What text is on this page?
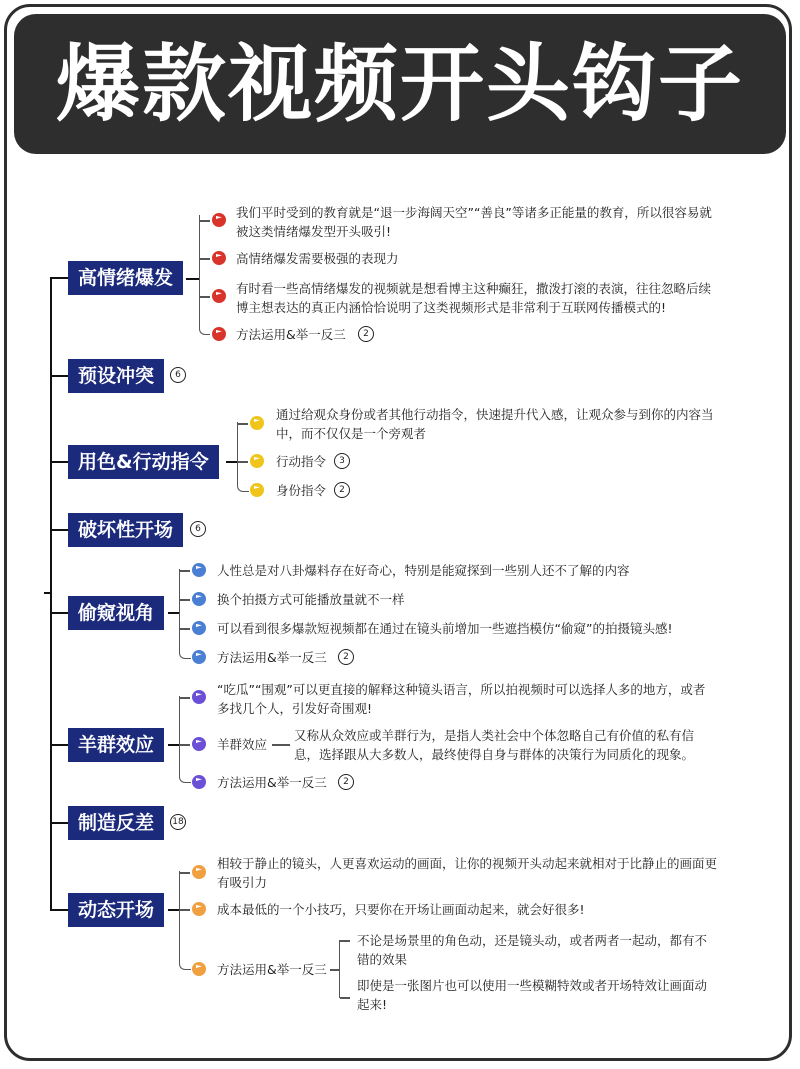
爆款视频开头钩子
高情绪爆发
我们平时受到的教育就是“退一步海阔天空”“善良”等诸多正能量的教育，所以很容易就被这类情绪爆发型开头吸引!
高情绪爆发需要极强的表现力
有时看一些高情绪爆发的视频就是想看博主这种癫狂，撒泼打滚的表演，往往忽略后续博主想表达的真正内涵恰恰说明了这类视频形式是非常利于互联网传播模式的!
方法运用&举一反三	2
预设冲突	6
用色&行动指令
通过给观众身份或者其他行动指令，快速提升代入感，让观众参与到你的内容当中，而不仅仅是一个旁观者
行动指令	3
身份指令	2
破坏性开场	6
偷窥视角
人性总是对八卦爆料存在好奇心，特别是能窥探到一些别人还不了解的内容
换个拍摄方式可能播放量就不一样
可以看到很多爆款短视频都在通过在镜头前增加一些遮挡模仿“偷窥”的拍摄镜头感!
方法运用&举一反三	2
羊群效应
“吃瓜”“围观”可以更直接的解释这种镜头语言，所以拍视频时可以选择人多的地方，或者多找几个人，引发好奇围观!
羊群效应
又称从众效应或羊群行为，是指人类社会中个体忽略自己有价值的私有信息，选择跟从大多数人，最终使得自身与群体的决策行为同质化的现象。
方法运用&举一反三	2
制造反差	18
动态开场
相较于静止的镜头，人更喜欢运动的画面，让你的视频开头动起来就相对于比静止的画面更有吸引力
成本最低的一个小技巧，只要你在开场让画面动起来，就会好很多!
方法运用&举一反三
不论是场景里的角色动，还是镜头动，或者两者一起动，都有不错的效果
即使是一张图片也可以使用一些模糊特效或者开场特效让画面动起来!
